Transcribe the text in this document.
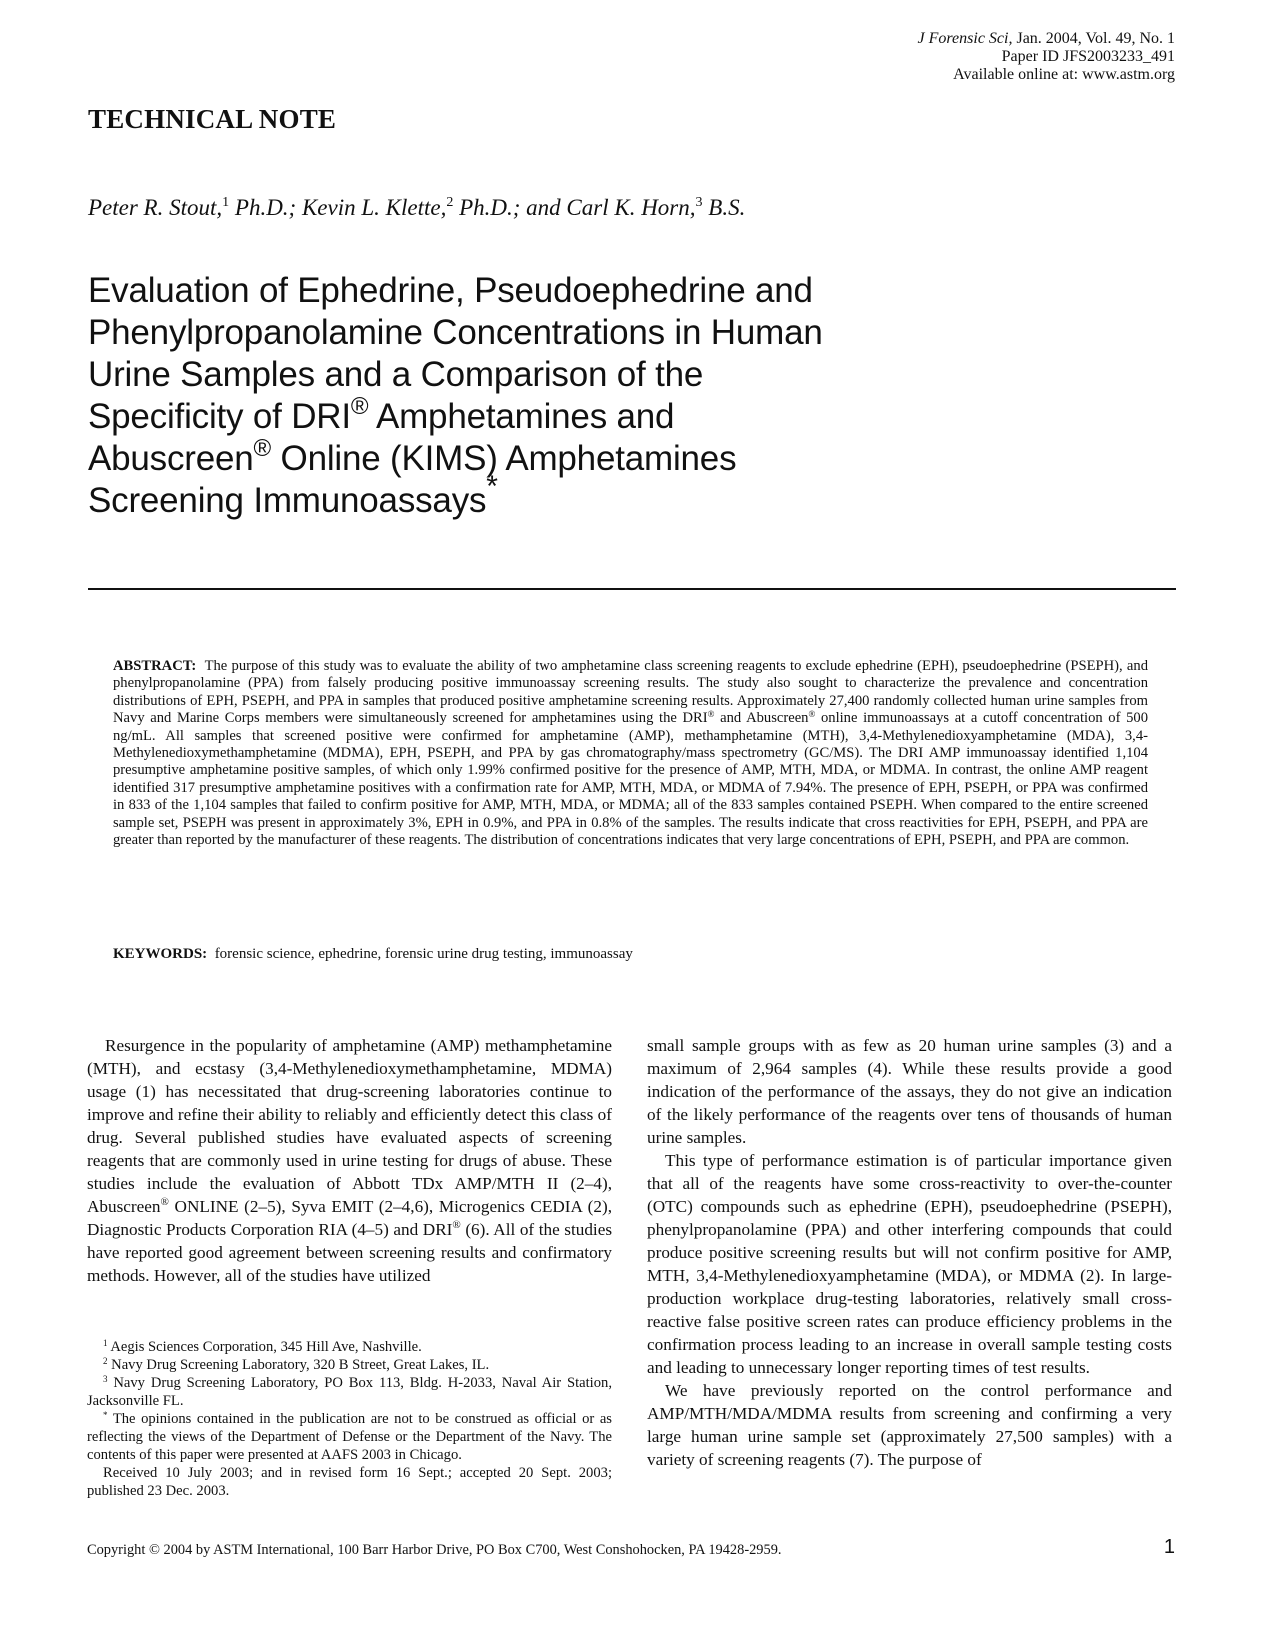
J Forensic Sci, Jan. 2004, Vol. 49, No. 1
Paper ID JFS2003233_491
Available online at: www.astm.org
TECHNICAL NOTE

Peter R. Stout,$^1$ Ph.D.; Kevin L. Klette,$^2$ Ph.D.; and Carl K. Horn,$^3$ B.S.

Evaluation of Ephedrine, Pseudoephedrine and
Phenylpropanolamine Concentrations in Human
Urine Samples and a Comparison of the
Specificity of DRI® Amphetamines and
Abuscreen® Online (KIMS) Amphetamines
Screening Immunoassays*

ABSTRACT: The purpose of this study was to evaluate the ability of two amphetamine class screening reagents to exclude ephedrine (EPH), pseudoephedrine (PSEPH), and phenylpropanolamine (PPA) from falsely producing positive immunoassay screening results. The study also sought to characterize the prevalence and concentration distributions of EPH, PSEPH, and PPA in samples that produced positive amphetamine screening results. Approximately 27,400 randomly collected human urine samples from Navy and Marine Corps members were simultaneously screened for amphetamines using the DRI® and Abuscreen® online immunoassays at a cutoff concentration of 500 ng/mL. All samples that screened positive were confirmed for amphetamine (AMP), methamphetamine (MTH), 3,4-Methylenedioxyamphetamine (MDA), 3,4-Methylenedioxymethamphetamine (MDMA), EPH, PSEPH, and PPA by gas chromatography/mass spectrometry (GC/MS). The DRI AMP immunoassay identified 1,104 presumptive amphetamine positive samples, of which only 1.99% confirmed positive for the presence of AMP, MTH, MDA, or MDMA. In contrast, the online AMP reagent identified 317 presumptive amphetamine positives with a confirmation rate for AMP, MTH, MDA, or MDMA of 7.94%. The presence of EPH, PSEPH, or PPA was confirmed in 833 of the 1,104 samples that failed to confirm positive for AMP, MTH, MDA, or MDMA; all of the 833 samples contained PSEPH. When compared to the entire screened sample set, PSEPH was present in approximately 3%, EPH in 0.9%, and PPA in 0.8% of the samples. The results indicate that cross reactivities for EPH, PSEPH, and PPA are greater than reported by the manufacturer of these reagents. The distribution of concentrations indicates that very large concentrations of EPH, PSEPH, and PPA are common.

KEYWORDS: forensic science, ephedrine, forensic urine drug testing, immunoassay

Resurgence in the popularity of amphetamine (AMP) methamphetamine (MTH), and ecstasy (3,4-Methylenedioxymethamphetamine, MDMA) usage (1) has necessitated that drug-screening laboratories continue to improve and refine their ability to reliably and efficiently detect this class of drug. Several published studies have evaluated aspects of screening reagents that are commonly used in urine testing for drugs of abuse. These studies include the evaluation of Abbott TDx AMP/MTH II (2–4), Abuscreen® ONLINE (2–5), Syva EMIT (2–4,6), Microgenics CEDIA (2), Diagnostic Products Corporation RIA (4–5) and DRI® (6). All of the studies have reported good agreement between screening results and confirmatory methods. However, all of the studies have utilized

$^1$ Aegis Sciences Corporation, 345 Hill Ave, Nashville.

$^2$ Navy Drug Screening Laboratory, 320 B Street, Great Lakes, IL.

$^3$ Navy Drug Screening Laboratory, PO Box 113, Bldg. H-2033, Naval Air Station, Jacksonville FL.

* The opinions contained in the publication are not to be construed as official or as reflecting the views of the Department of Defense or the Department of the Navy. The contents of this paper were presented at AAFS 2003 in Chicago.

Received 10 July 2003; and in revised form 16 Sept.; accepted 20 Sept. 2003; published 23 Dec. 2003.

small sample groups with as few as 20 human urine samples (3) and a maximum of 2,964 samples (4). While these results provide a good indication of the performance of the assays, they do not give an indication of the likely performance of the reagents over tens of thousands of human urine samples.

This type of performance estimation is of particular importance given that all of the reagents have some cross-reactivity to over-the-counter (OTC) compounds such as ephedrine (EPH), pseudoephedrine (PSEPH), phenylpropanolamine (PPA) and other interfering compounds that could produce positive screening results but will not confirm positive for AMP, MTH, 3,4-Methylenedioxyamphetamine (MDA), or MDMA (2). In large-production workplace drug-testing laboratories, relatively small cross-reactive false positive screen rates can produce efficiency problems in the confirmation process leading to an increase in overall sample testing costs and leading to unnecessary longer reporting times of test results.

We have previously reported on the control performance and AMP/MTH/MDA/MDMA results from screening and confirming a very large human urine sample set (approximately 27,500 samples) with a variety of screening reagents (7). The purpose of

Copyright © 2004 by ASTM International, 100 Barr Harbor Drive, PO Box C700, West Conshohocken, PA 19428-2959.	1
